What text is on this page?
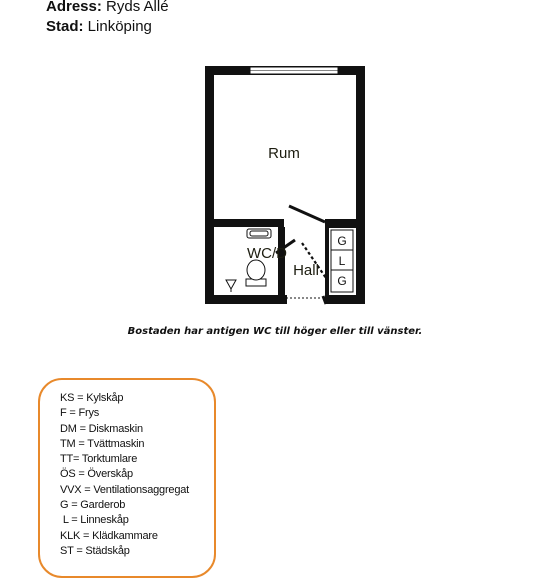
Adress: Ryds Allé
Stad: Linköping
G
L
G
Rum
WC/D
Hall
Bostaden har antigen WC till höger eller till vänster.
KS = Kylskåp
F = Frys
DM = Diskmaskin
TM = Tvättmaskin
TT= Torktumlare
ÖS = Överskåp
VVX = Ventilationsaggregat
G = Garderob
L = Linneskåp
KLK = Klädkammare
ST = Städskåp
